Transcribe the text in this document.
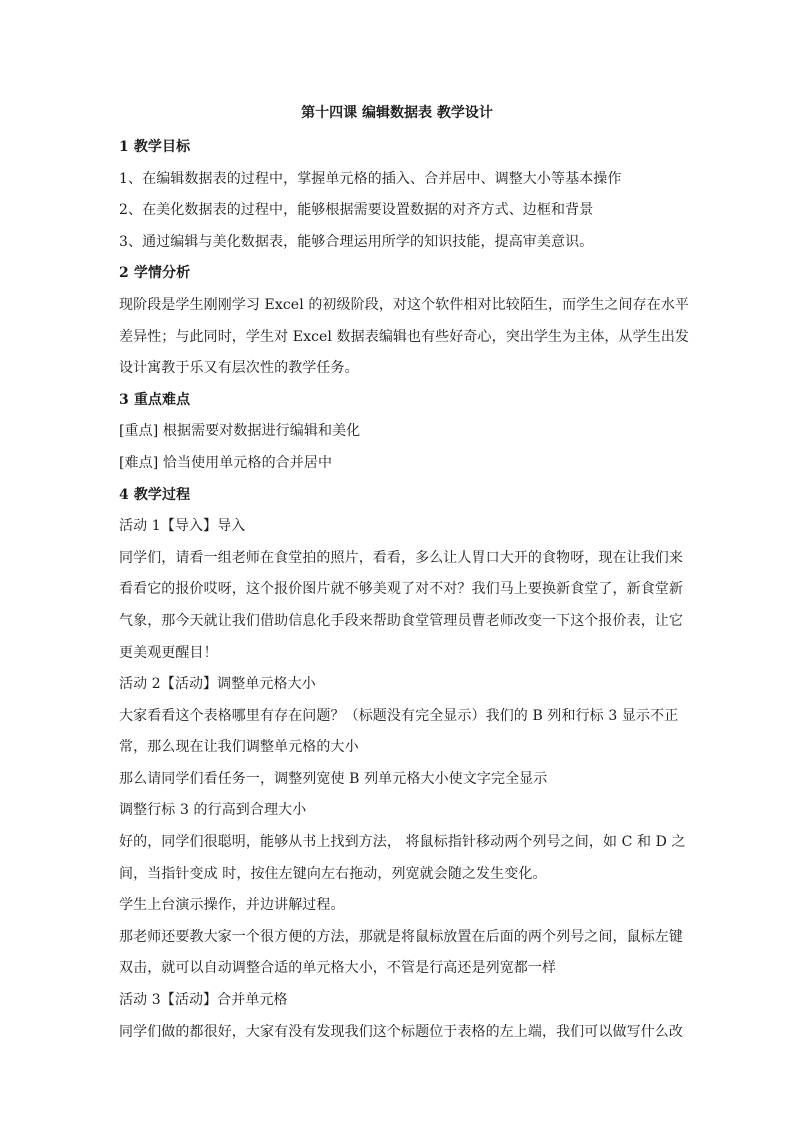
第十四课 编辑数据表 教学设计
1 教学目标
1、在编辑数据表的过程中，掌握单元格的插入、合并居中、调整大小等基本操作
2、在美化数据表的过程中，能够根据需要设置数据的对齐方式、边框和背景
3、通过编辑与美化数据表，能够合理运用所学的知识技能，提高审美意识。
2 学情分析
现阶段是学生刚刚学习 Excel 的初级阶段，对这个软件相对比较陌生，而学生之间存在水平
差异性；与此同时，学生对 Excel 数据表编辑也有些好奇心，突出学生为主体，从学生出发
设计寓教于乐又有层次性的教学任务。
3 重点难点
[重点] 根据需要对数据进行编辑和美化
[难点] 恰当使用单元格的合并居中
4 教学过程
活动 1【导入】导入
同学们，请看一组老师在食堂拍的照片，看看，多么让人胃口大开的食物呀，现在让我们来
看看它的报价哎呀，这个报价图片就不够美观了对不对？我们马上要换新食堂了，新食堂新
气象，那今天就让我们借助信息化手段来帮助食堂管理员曹老师改变一下这个报价表，让它
更美观更醒目！
活动 2【活动】调整单元格大小
大家看看这个表格哪里有存在问题？（标题没有完全显示）我们的 B 列和行标 3 显示不正
常，那么现在让我们调整单元格的大小
那么请同学们看任务一，调整列宽使 B 列单元格大小使文字完全显示
调整行标 3 的行高到合理大小
好的，同学们很聪明，能够从书上找到方法， 将鼠标指针移动两个列号之间，如 C 和 D 之
间，当指针变成 时，按住左键向左右拖动，列宽就会随之发生变化。
学生上台演示操作，并边讲解过程。
那老师还要教大家一个很方便的方法，那就是将鼠标放置在后面的两个列号之间，鼠标左键
双击，就可以自动调整合适的单元格大小，不管是行高还是列宽都一样
活动 3【活动】合并单元格
同学们做的都很好，大家有没有发现我们这个标题位于表格的左上端，我们可以做写什么改
